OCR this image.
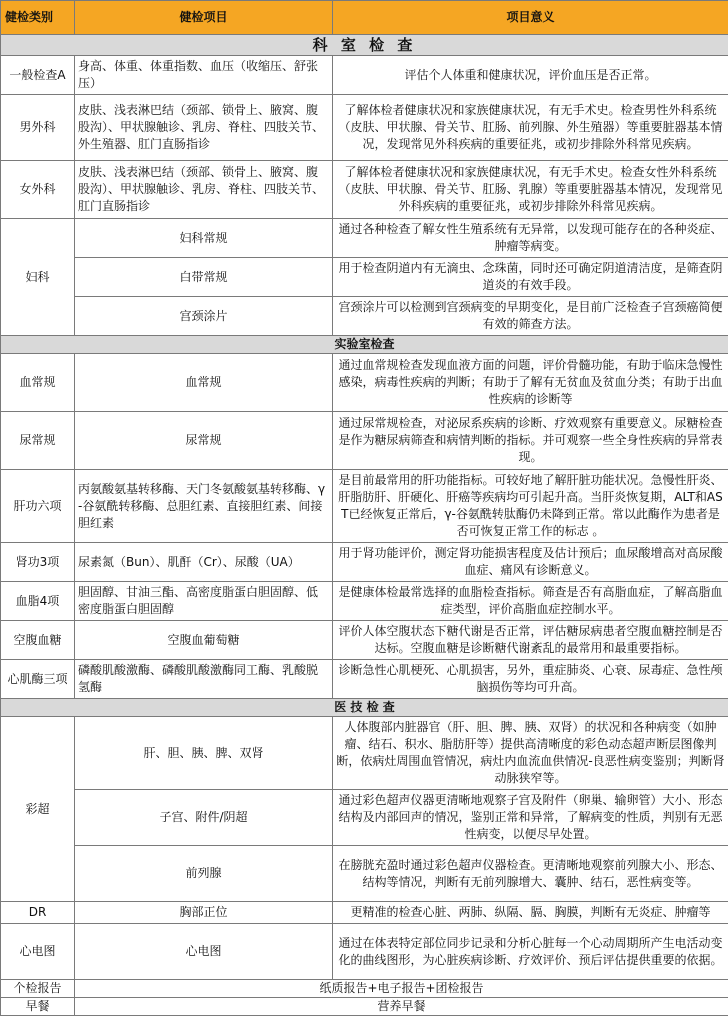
健检类别	健检项目	项目意义
科 室 检 查		
一般检查A	身高、体重、体重指数、血压（收缩压、舒张压）	评估个人体重和健康状况，评价血压是否正常。
男外科	皮肤、浅表淋巴结（颈部、锁骨上、腋窝、腹股沟）、甲状腺触诊、乳房、脊柱、四肢关节、外生殖器、肛门直肠指诊	了解体检者健康状况和家族健康状况，有无手术史。检查男性外科系统（皮肤、甲状腺、骨关节、肛肠、前列腺、外生殖器）等重要脏器基本情况，发现常见外科疾病的重要征兆，或初步排除外科常见疾病。
女外科	皮肤、浅表淋巴结（颈部、锁骨上、腋窝、腹股沟）、甲状腺触诊、乳房、脊柱、四肢关节、肛门直肠指诊	了解体检者健康状况和家族健康状况，有无手术史。检查女性外科系统（皮肤、甲状腺、骨关节、肛肠、乳腺）等重要脏器基本情况，发现常见外科疾病的重要征兆，或初步排除外科常见疾病。
妇科	妇科常规	通过各种检查了解女性生殖系统有无异常，以发现可能存在的各种炎症、肿瘤等病变。
	白带常规	用于检查阴道内有无滴虫、念珠菌，同时还可确定阴道清洁度，是筛查阴道炎的有效手段。
	宫颈涂片	宫颈涂片可以检测到宫颈病变的早期变化，是目前广泛检查子宫颈癌简便有效的筛查方法。
实验室检查		
血常规	血常规	通过血常规检查发现血液方面的问题，评价骨髓功能，有助于临床急慢性感染，病毒性疾病的判断；有助于了解有无贫血及贫血分类；有助于出血性疾病的诊断等
尿常规	尿常规	通过尿常规检查，对泌尿系疾病的诊断、疗效观察有重要意义。尿糖检查是作为糖尿病筛查和病情判断的指标。并可观察一些全身性疾病的异常表现。
肝功六项	丙氨酸氨基转移酶、天门冬氨酸氨基转移酶、γ-谷氨酰转移酶、总胆红素、直接胆红素、间接胆红素	是目前最常用的肝功能指标。可较好地了解肝脏功能状况。急慢性肝炎、肝脂肪肝、肝硬化、肝癌等疾病均可引起升高。当肝炎恢复期，ALT和AST已经恢复正常后，γ-谷氨酰转肽酶仍未降到正常。常以此酶作为患者是否可恢复正常工作的标志 。
肾功3项	尿素氮（Bun）、肌酐（Cr）、尿酸（UA）	用于肾功能评价，测定肾功能损害程度及估计预后；血尿酸增高对高尿酸血症、痛风有诊断意义。
血脂4项	胆固醇、甘油三酯、高密度脂蛋白胆固醇、低密度脂蛋白胆固醇	是健康体检最常选择的血脂检查指标。筛查是否有高脂血症，了解高脂血症类型，评价高脂血症控制水平。
空腹血糖	空腹血葡萄糖	评价人体空腹状态下糖代谢是否正常，评估糖尿病患者空腹血糖控制是否达标。空腹血糖是诊断糖代谢紊乱的最常用和最重要指标。
心肌酶三项	磷酸肌酸激酶、磷酸肌酸激酶同工酶、乳酸脱氢酶	诊断急性心肌梗死、心肌损害，另外，重症肺炎、心衰、尿毒症、急性颅脑损伤等均可升高。
医 技 检 查		
彩超	肝、胆、胰、脾、双肾	人体腹部内脏器官（肝、胆、脾、胰、双肾）的状况和各种病变（如肿瘤、结石、积水、脂肪肝等）提供高清晰度的彩色动态超声断层图像判断，依病灶周围血管情况，病灶内血流血供情况-良恶性病变鉴别；判断肾动脉狭窄等。
	子宫、附件/阴超	通过彩色超声仪器更清晰地观察子宫及附件（卵巢、输卵管）大小、形态结构及内部回声的情况，鉴别正常和异常，了解病变的性质，判别有无恶性病变，以便尽早处置。
	前列腺	在膀胱充盈时通过彩色超声仪器检查。更清晰地观察前列腺大小、形态、结构等情况，判断有无前列腺增大、囊肿、结石，恶性病变等。
DR	胸部正位	更精准的检查心脏、两肺、纵隔、膈、胸膜，判断有无炎症、肿瘤等
心电图	心电图	通过在体表特定部位同步记录和分析心脏每一个心动周期所产生电活动变化的曲线图形，为心脏疾病诊断、疗效评价、预后评估提供重要的依据。
个检报告	纸质报告+电子报告+团检报告	
早餐	营养早餐	
